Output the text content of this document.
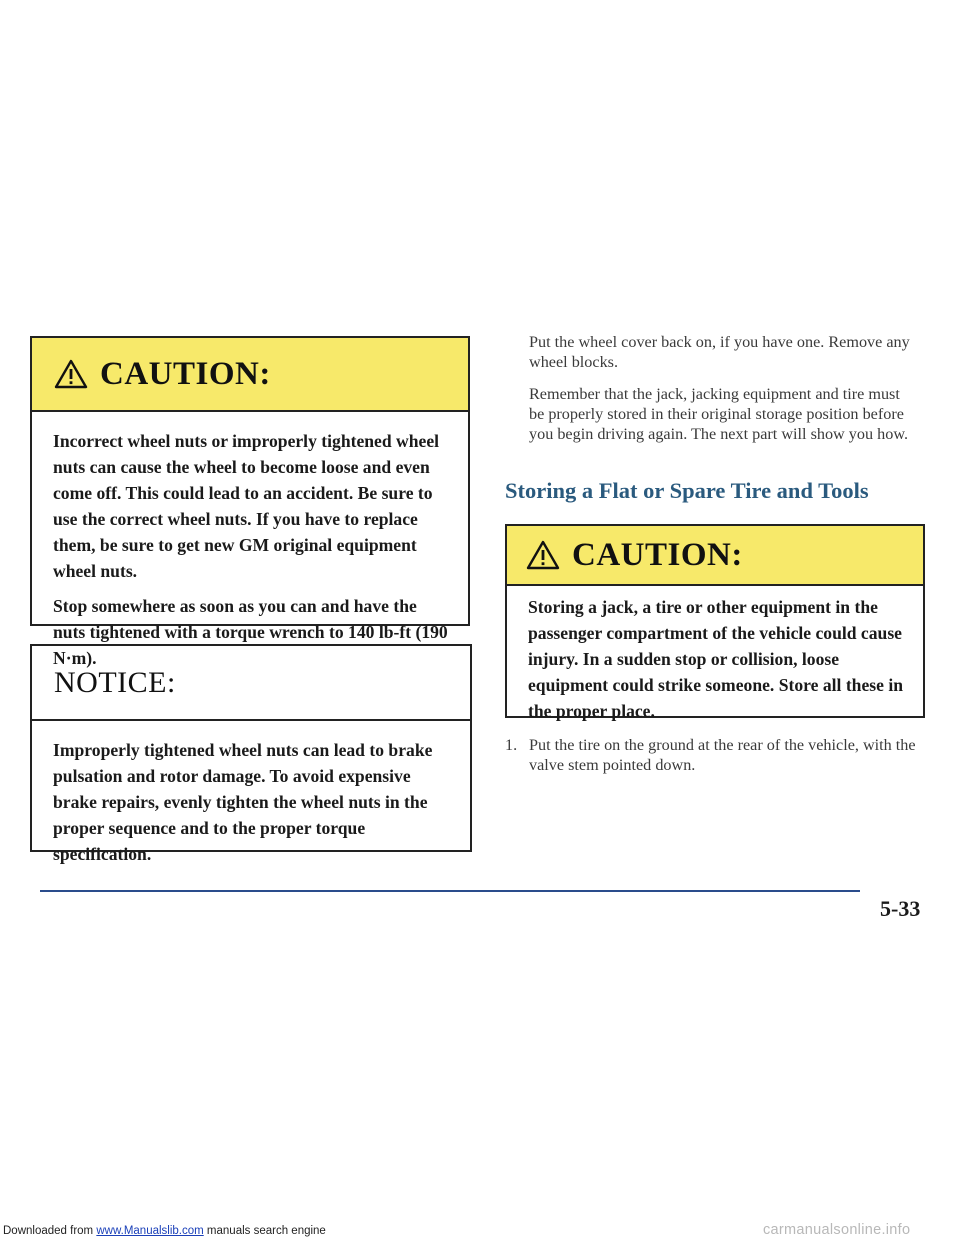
CAUTION:

Incorrect wheel nuts or improperly tightened wheel nuts can cause the wheel to become loose and even come off. This could lead to an accident. Be sure to use the correct wheel nuts. If you have to replace them, be sure to get new GM original equipment wheel nuts.

Stop somewhere as soon as you can and have the nuts tightened with a torque wrench to 140 lb-ft (190 N·m).

NOTICE:

Improperly tightened wheel nuts can lead to brake pulsation and rotor damage. To avoid expensive brake repairs, evenly tighten the wheel nuts in the proper sequence and to the proper torque specification.

Put the wheel cover back on, if you have one. Remove any wheel blocks.

Remember that the jack, jacking equipment and tire must be properly stored in their original storage position before you begin driving again. The next part will show you how.

Storing a Flat or Spare Tire and Tools
CAUTION:

Storing a jack, a tire or other equipment in the passenger compartment of the vehicle could cause injury. In a sudden stop or collision, loose equipment could strike someone. Store all these in the proper place.

1. Put the tire on the ground at the rear of the vehicle, with the valve stem pointed down.
5-33
Downloaded from www.Manualslib.com manuals search engine	carmanualsonline.info
